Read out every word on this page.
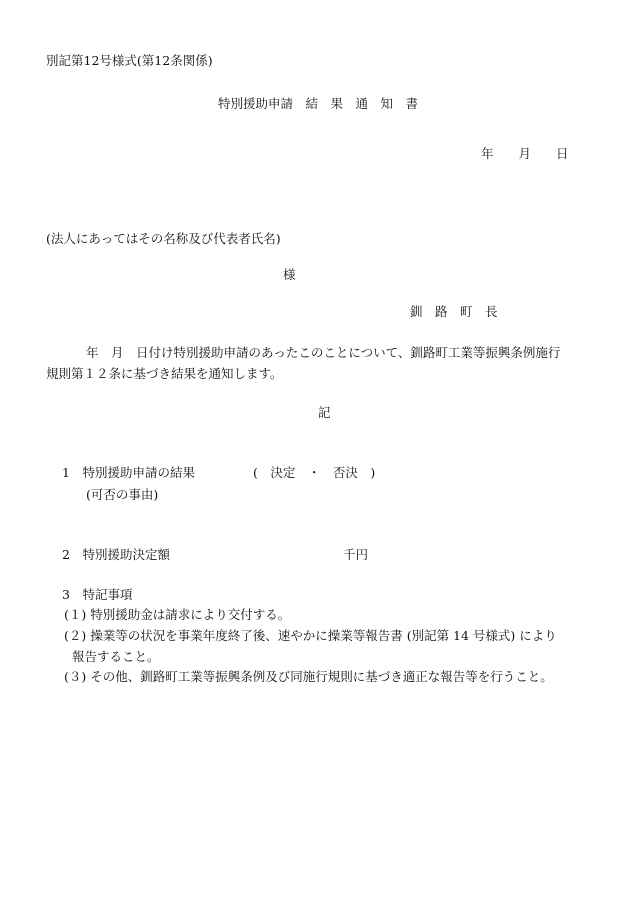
別記第12号様式(第12条関係)
特別援助申請　結　果　通　知　書
年　　月　　日
(法人にあってはその名称及び代表者氏名)
様
釧　路　町　長
年　月　日付け特別援助申請のあったこのことについて、釧路町工業等振興条例施行
規則第１２条に基づき結果を通知します。
記
1　特別援助申請の結果	(　決定　・　否決　)
(可否の事由)
2　特別援助決定額	千円
3　特記事項
(１) 特別援助金は請求により交付する。
(２) 操業等の状況を事業年度終了後、速やかに操業等報告書 (別記第 14 号様式) により
報告すること。
(３) その他、釧路町工業等振興条例及び同施行規則に基づき適正な報告等を行うこと。
